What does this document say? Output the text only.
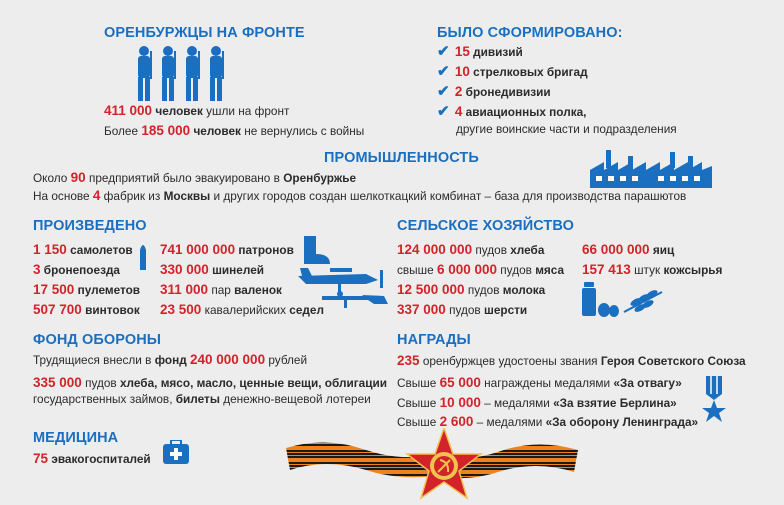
ОРЕНБУРЖЦЫ НА ФРОНТЕ
411 000 человек ушли на фронт
Более 185 000 человек не вернулись с войны
БЫЛО СФОРМИРОВАНО:
✔ 15 дивизий
✔ 10 стрелковых бригад
✔ 2 бронедивизии
✔ 4 авиационных полка,
другие воинские части и подразделения
ПРОМЫШЛЕННОСТЬ
Около 90 предприятий было эвакуировано в Оренбуржье
На основе 4 фабрик из Москвы и других городов создан шелкоткацкий комбинат – база для производства парашютов
ПРОИЗВЕДЕНО
1 150 самолетов
3 бронепоезда
17 500 пулеметов
507 700 винтовок
741 000 000 патронов
330 000 шинелей
311 000 пар валенок
23 500 кавалерийских седел
СЕЛЬСКОЕ ХОЗЯЙСТВО
124 000 000 пудов хлеба
свыше 6 000 000 пудов мяса
12 500 000 пудов молока
337 000 пудов шерсти
66 000 000 яиц
157 413 штук кожсырья
ФОНД ОБОРОНЫ
Трудящиеся внесли в фонд 240 000 000 рублей
335 000 пудов хлеба, мясо, масло, ценные вещи, облигации
государственных займов, билеты денежно-вещевой лотереи
НАГРАДЫ
235 оренбуржцев удостоены звания Героя Советского Союза
Свыше 65 000 награждены медалями «За отвагу»
Свыше 10 000 – медалями «За взятие Берлина»
Свыше 2 600 – медалями «За оборону Ленинграда»
МЕДИЦИНА
75 эвакогоспиталей
